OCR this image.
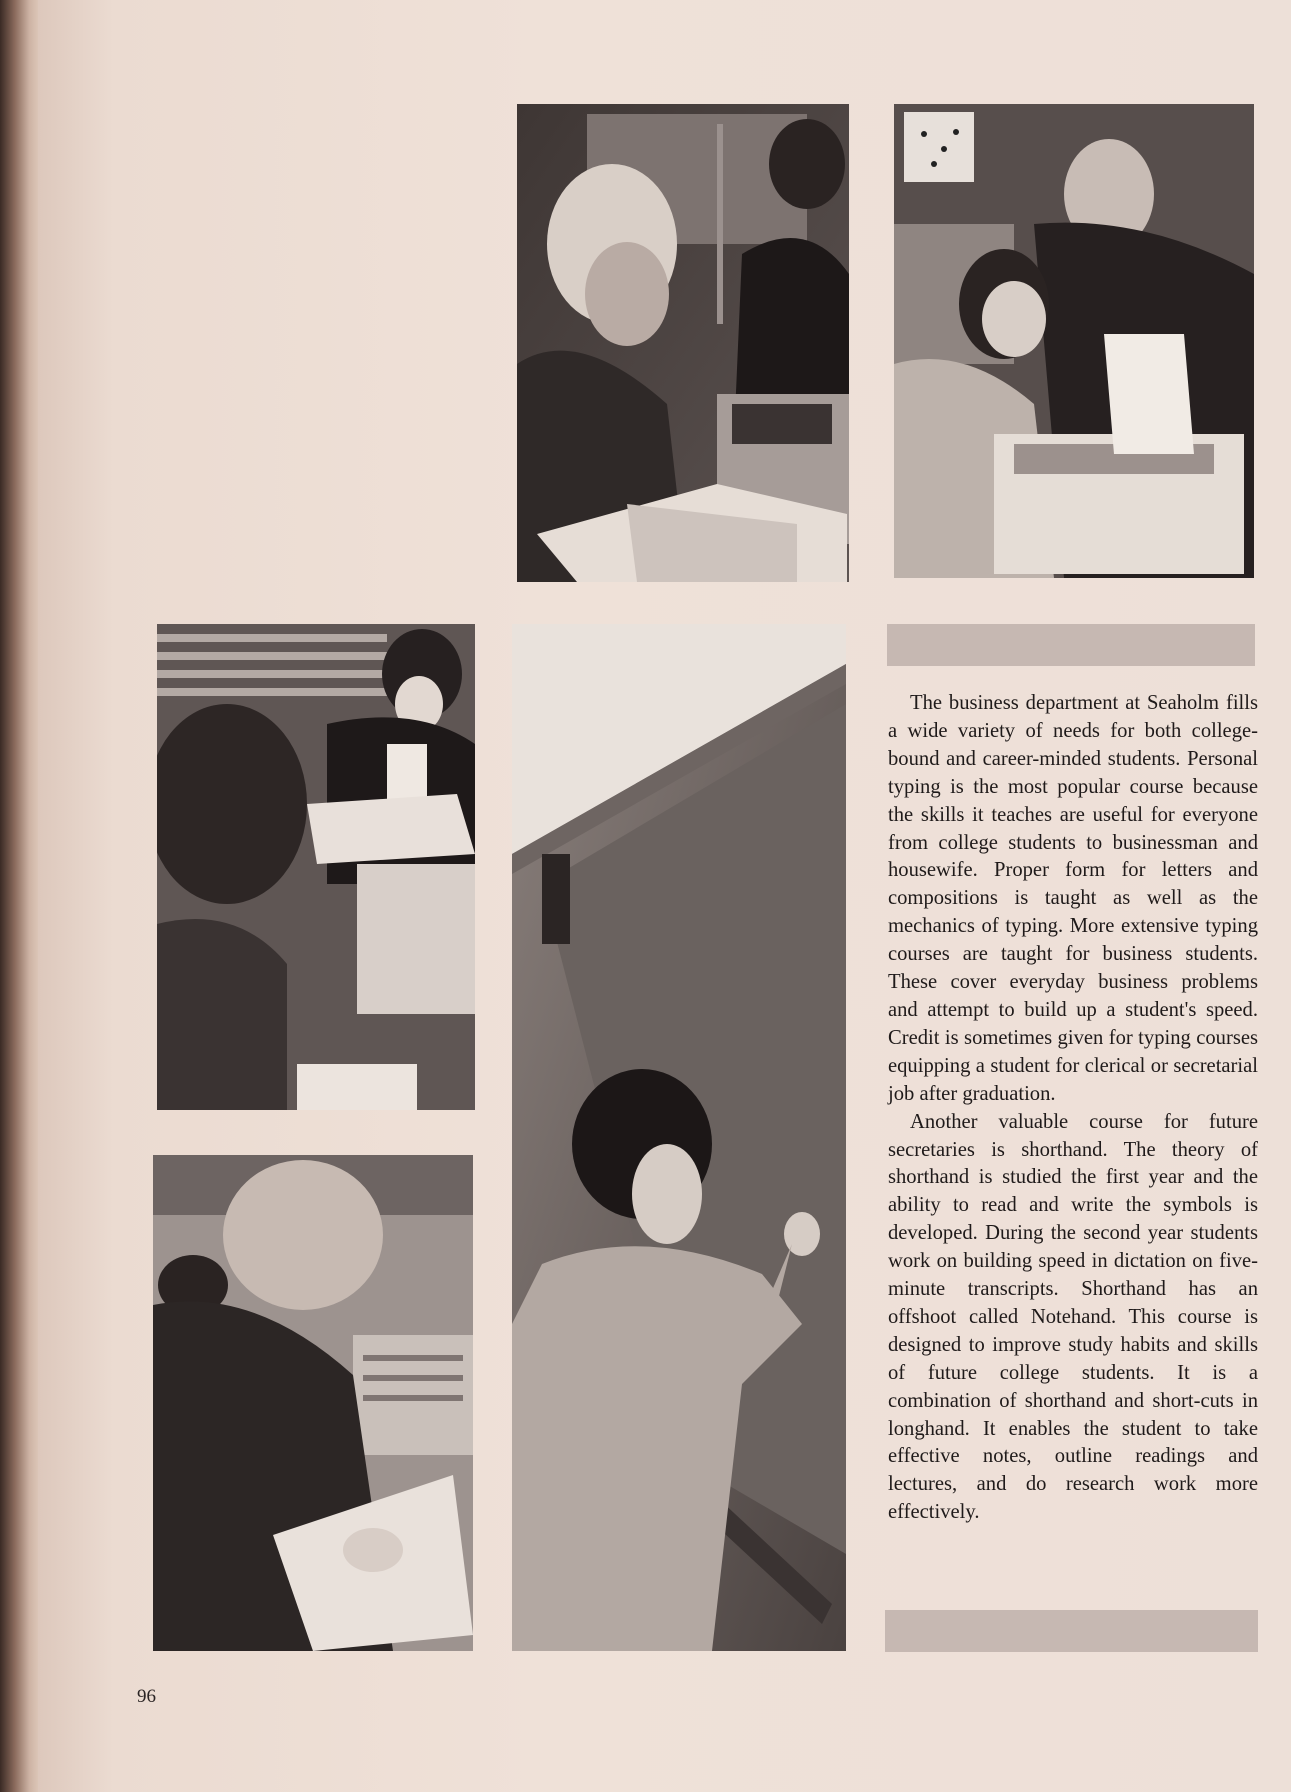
The business department at Seaholm fills a wide variety of needs for both college-bound and career-minded students. Personal typing is the most popular course because the skills it teaches are useful for everyone from college students to businessman and housewife. Proper form for letters and compositions is taught as well as the mechanics of typing. More extensive typing courses are taught for business students. These cover everyday business problems and attempt to build up a student's speed. Credit is sometimes given for typing courses equipping a student for clerical or secretarial job after graduation.

Another valuable course for future secretaries is shorthand. The theory of shorthand is studied the first year and the ability to read and write the symbols is developed. During the second year students work on building speed in dictation on five-minute transcripts. Shorthand has an offshoot called Notehand. This course is designed to improve study habits and skills of future college students. It is a combination of shorthand and short-cuts in longhand. It enables the student to take effective notes, outline readings and lectures, and do research work more effectively.

96
